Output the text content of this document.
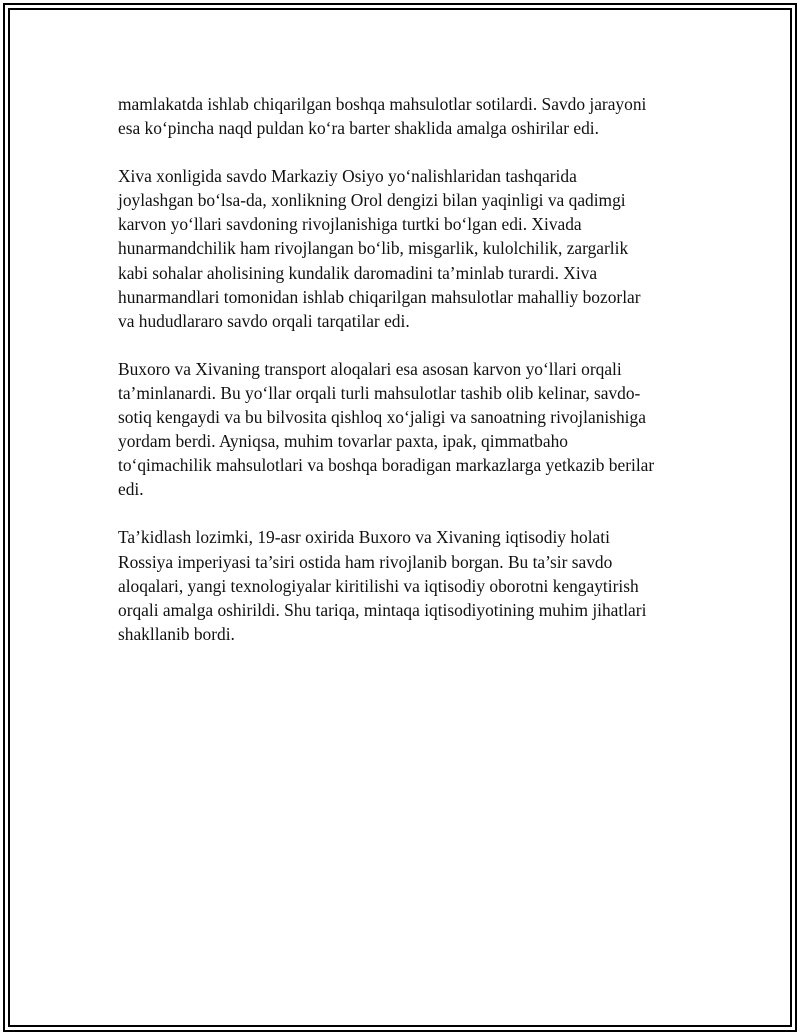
mamlakatda ishlab chiqarilgan boshqa mahsulotlar sotilardi. Savdo jarayoni
esa ko‘pincha naqd puldan ko‘ra barter shaklida amalga oshirilar edi.

Xiva xonligida savdo Markaziy Osiyo yo‘nalishlaridan tashqarida
joylashgan bo‘lsa-da, xonlikning Orol dengizi bilan yaqinligi va qadimgi
karvon yo‘llari savdoning rivojlanishiga turtki bo‘lgan edi. Xivada
hunarmandchilik ham rivojlangan bo‘lib, misgarlik, kulolchilik, zargarlik
kabi sohalar aholisining kundalik daromadini ta’minlab turardi. Xiva
hunarmandlari tomonidan ishlab chiqarilgan mahsulotlar mahalliy bozorlar
va hududlararo savdo orqali tarqatilar edi.

Buxoro va Xivaning transport aloqalari esa asosan karvon yo‘llari orqali
ta’minlanardi. Bu yo‘llar orqali turli mahsulotlar tashib olib kelinar, savdo-
sotiq kengaydi va bu bilvosita qishloq xo‘jaligi va sanoatning rivojlanishiga
yordam berdi. Ayniqsa, muhim tovarlar paxta, ipak, qimmatbaho
to‘qimachilik mahsulotlari va boshqa boradigan markazlarga yetkazib berilar
edi.

Ta’kidlash lozimki, 19-asr oxirida Buxoro va Xivaning iqtisodiy holati
Rossiya imperiyasi ta’siri ostida ham rivojlanib borgan. Bu ta’sir savdo
aloqalari, yangi texnologiyalar kiritilishi va iqtisodiy oborotni kengaytirish
orqali amalga oshirildi. Shu tariqa, mintaqa iqtisodiyotining muhim jihatlari
shakllanib bordi.
